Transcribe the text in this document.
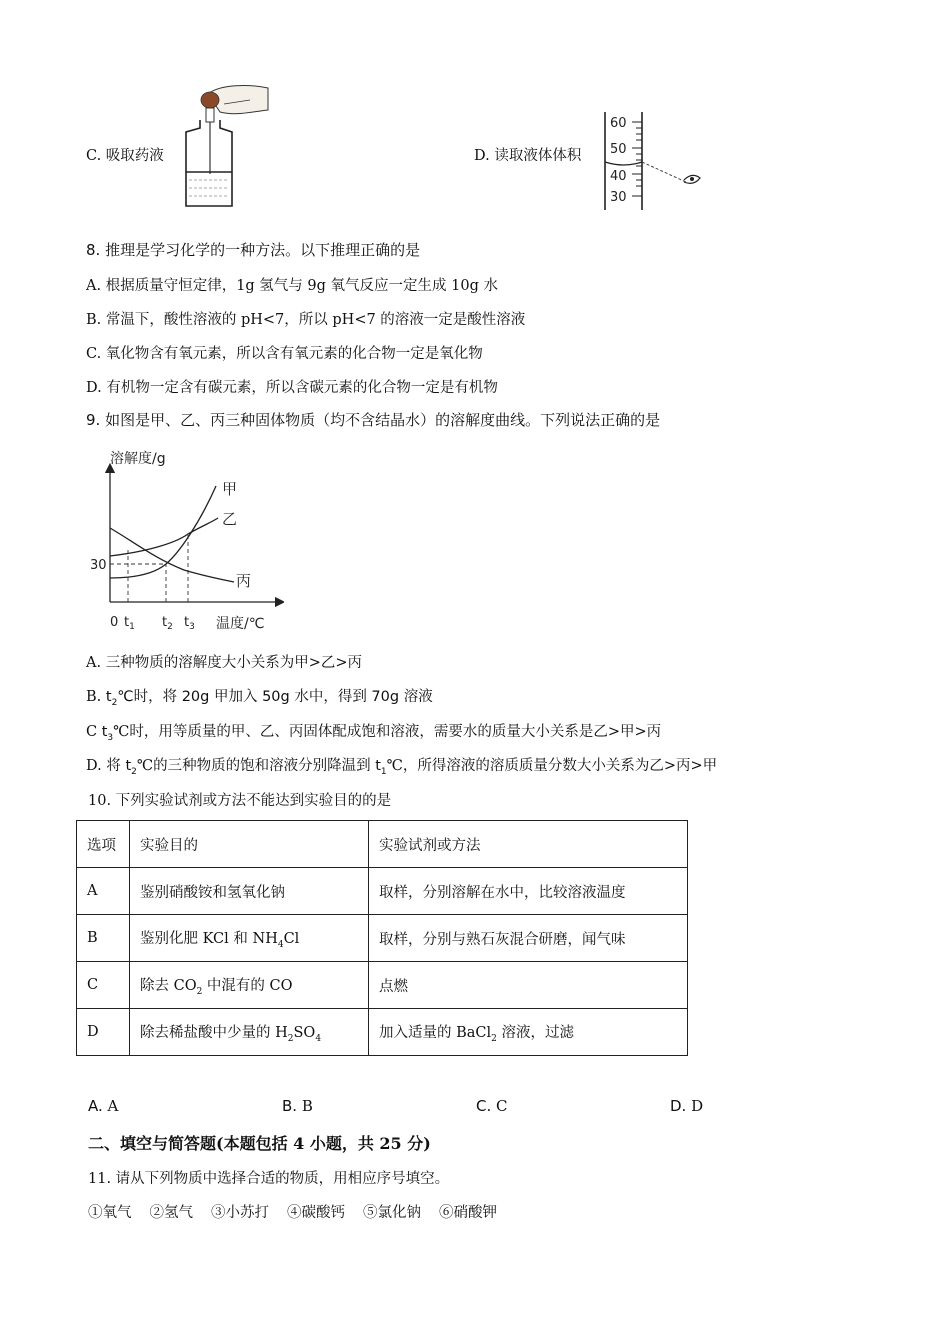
C. 吸取药液	D. 读取液体体积
60
50
40
30
8. 推理是学习化学的一种方法。以下推理正确的是
A. 根据质量守恒定律，1g 氢气与 9g 氧气反应一定生成 10g 水
B. 常温下，酸性溶液的 pH<7，所以 pH<7 的溶液一定是酸性溶液
C. 氧化物含有氧元素，所以含有氧元素的化合物一定是氧化物
D. 有机物一定含有碳元素，所以含碳元素的化合物一定是有机物
9. 如图是甲、乙、丙三种固体物质（均不含结晶水）的溶解度曲线。下列说法正确的是
溶解度/g
温度/℃
30
甲
乙
丙
0 $t_1$ $t_2$ $t_3$
A. 三种物质的溶解度大小关系为甲>乙>丙
B. $t_2℃$时，将 20g 甲加入 50g 水中，得到 70g 溶液
C $t_3℃$时，用等质量的甲、乙、丙固体配成饱和溶液，需要水的质量大小关系是乙>甲>丙
D. 将 $t_2℃$的三种物质的饱和溶液分别降温到 $t_1℃$，所得溶液的溶质质量分数大小关系为乙>丙>甲
10. 下列实验试剂或方法不能达到实验目的的是
选项	实验目的	实验试剂或方法
A	鉴别硝酸铵和氢氧化钠	取样，分别溶解在水中，比较溶液温度
B	鉴别化肥 KCl 和 $NH_4Cl$	取样，分别与熟石灰混合研磨，闻气味
C	除去 $CO_2$ 中混有的 CO	点燃
D	除去稀盐酸中少量的 $H_2SO_4$	加入适量的 BaCl$_2$ 溶液，过滤
A. A	B. B	C. C	D. D
二、填空与简答题(本题包括 4 小题，共 25 分)
11. 请从下列物质中选择合适的物质，用相应序号填空。
①氧气 ②氢气 ③小苏打 ④碳酸钙 ⑤氯化钠 ⑥硝酸钾
